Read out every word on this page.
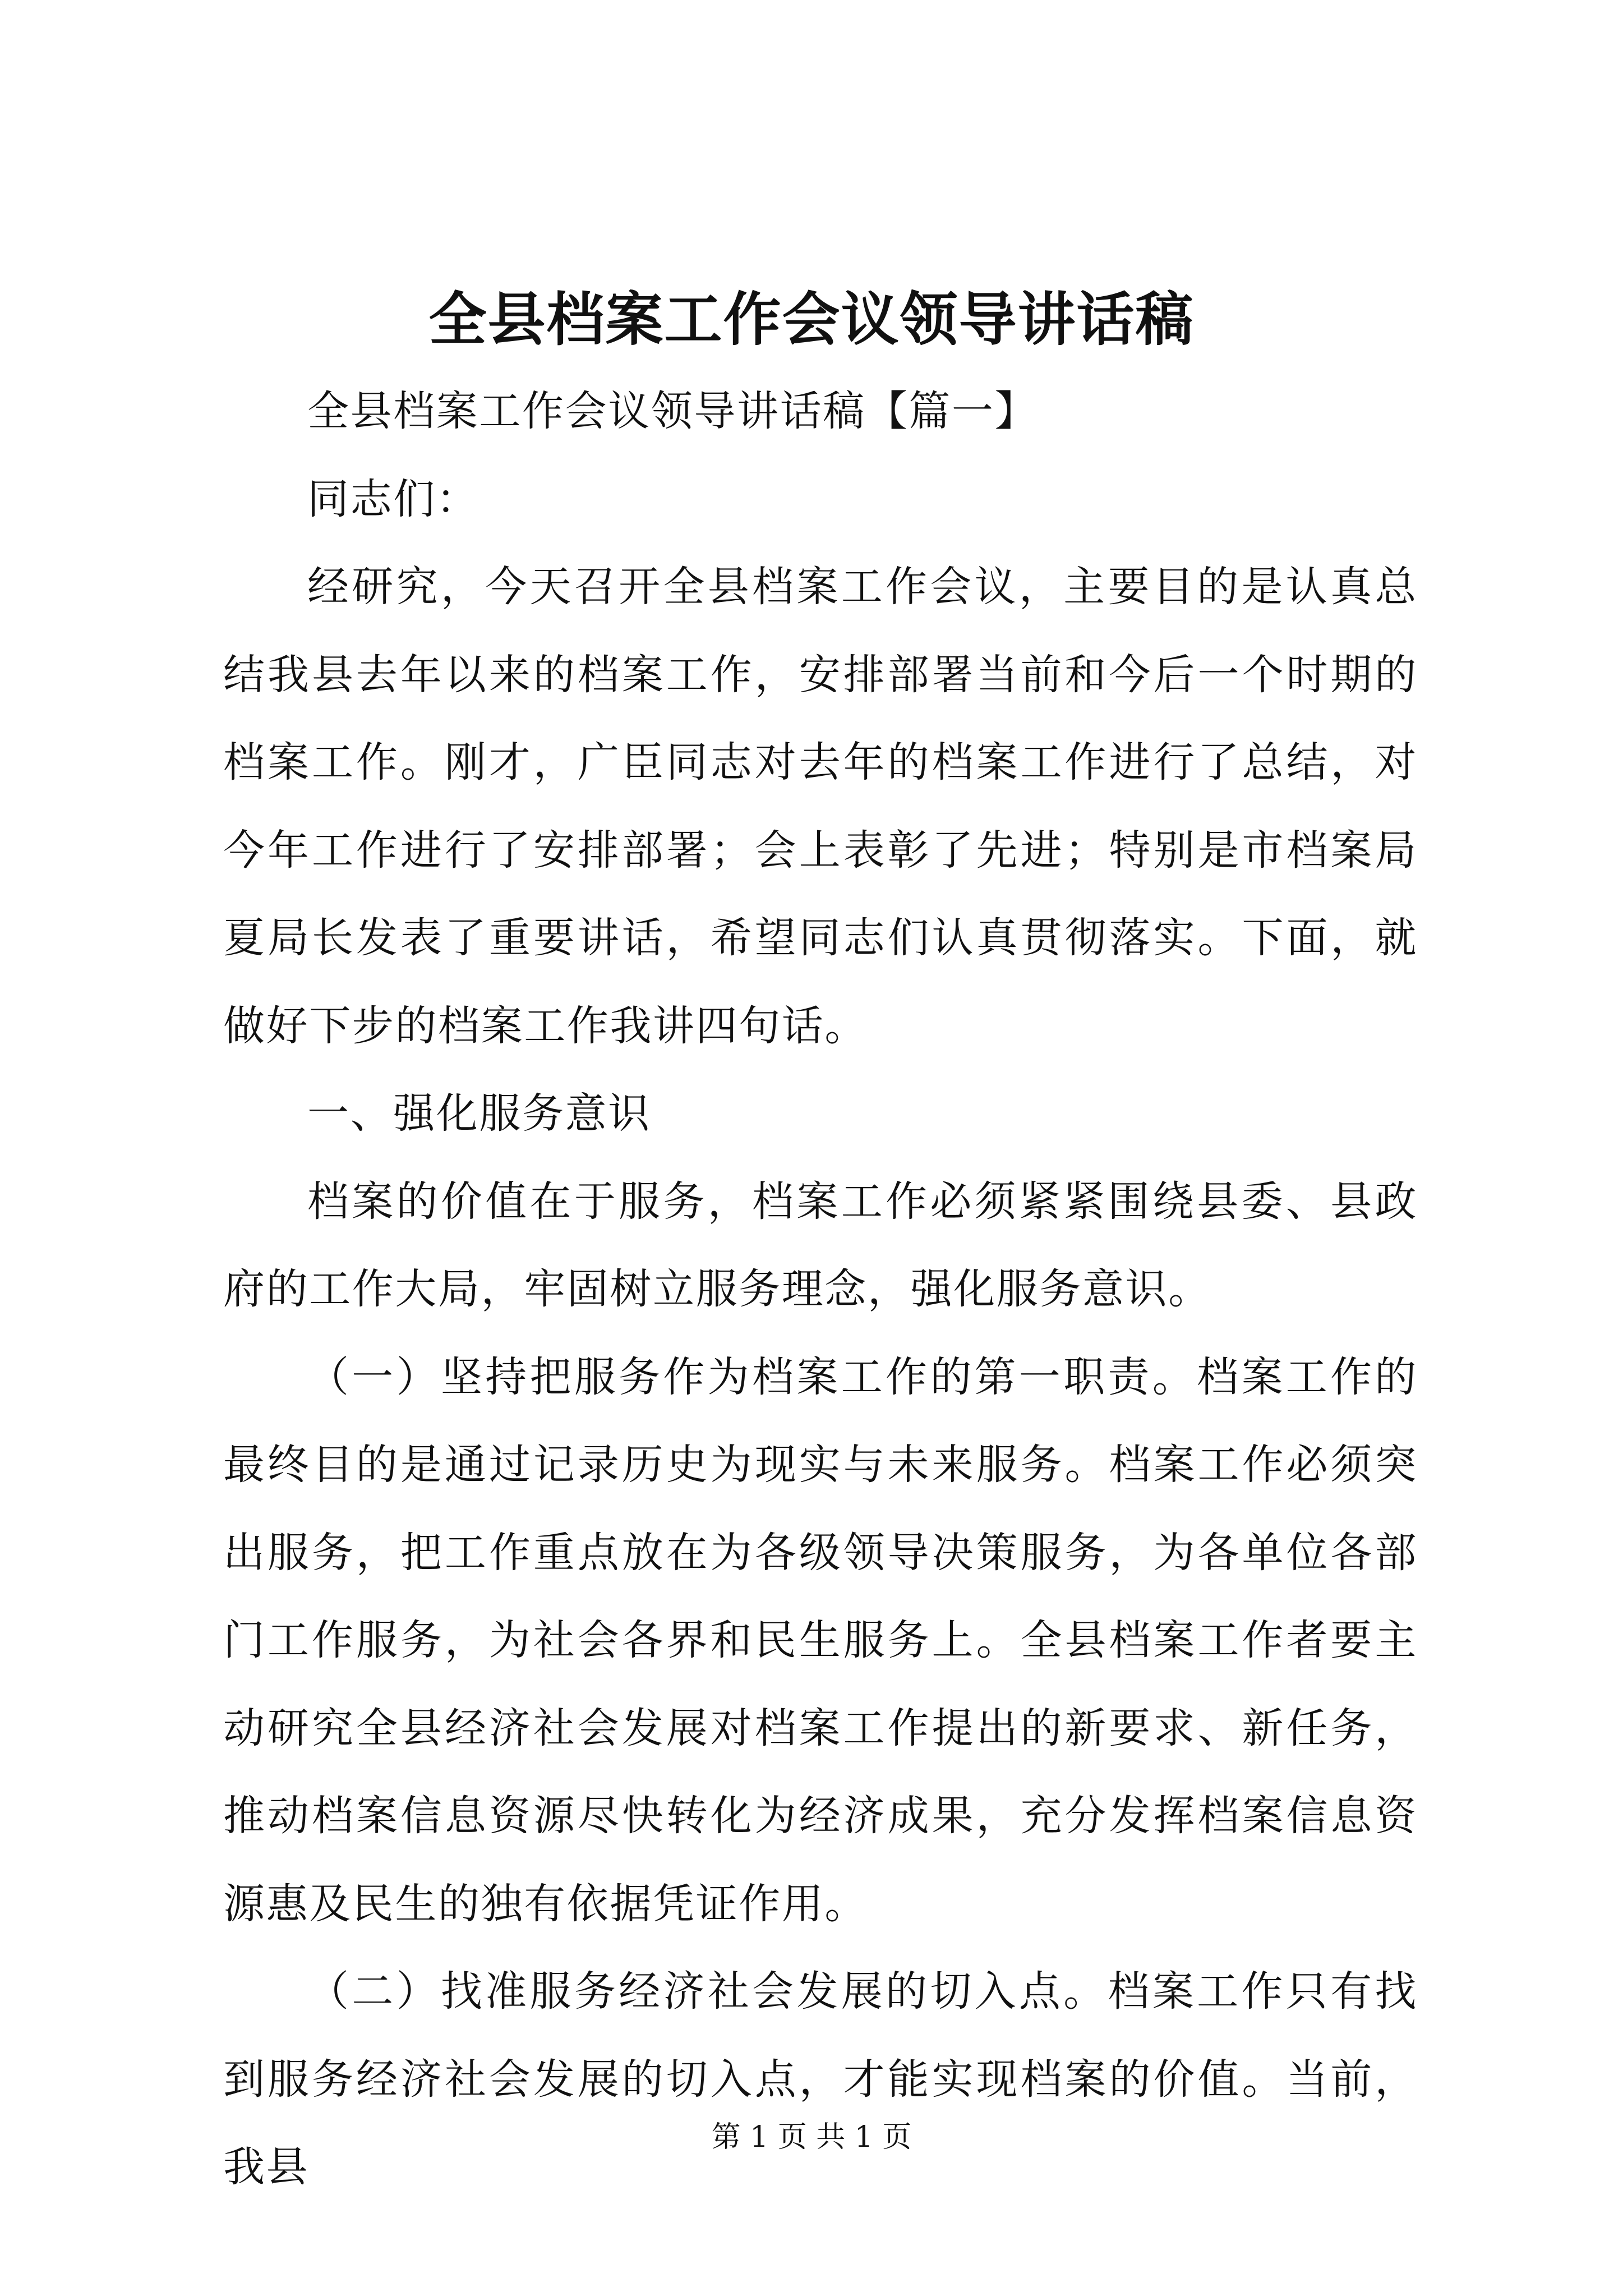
全县档案工作会议领导讲话稿

全县档案工作会议领导讲话稿【篇一】

同志们：

经研究，今天召开全县档案工作会议，主要目的是认真总结我县去年以来的档案工作，安排部署当前和今后一个时期的档案工作。刚才，广臣同志对去年的档案工作进行了总结，对今年工作进行了安排部署；会上表彰了先进；特别是市档案局夏局长发表了重要讲话，希望同志们认真贯彻落实。下面，就做好下步的档案工作我讲四句话。

一、强化服务意识

档案的价值在于服务，档案工作必须紧紧围绕县委、县政府的工作大局，牢固树立服务理念，强化服务意识。

（一）坚持把服务作为档案工作的第一职责。档案工作的最终目的是通过记录历史为现实与未来服务。档案工作必须突出服务，把工作重点放在为各级领导决策服务，为各单位各部门工作服务，为社会各界和民生服务上。全县档案工作者要主动研究全县经济社会发展对档案工作提出的新要求、新任务，推动档案信息资源尽快转化为经济成果，充分发挥档案信息资源惠及民生的独有依据凭证作用。

（二）找准服务经济社会发展的切入点。档案工作只有找到服务经济社会发展的切入点，才能实现档案的价值。当前，我县

第 1 页 共 1 页
